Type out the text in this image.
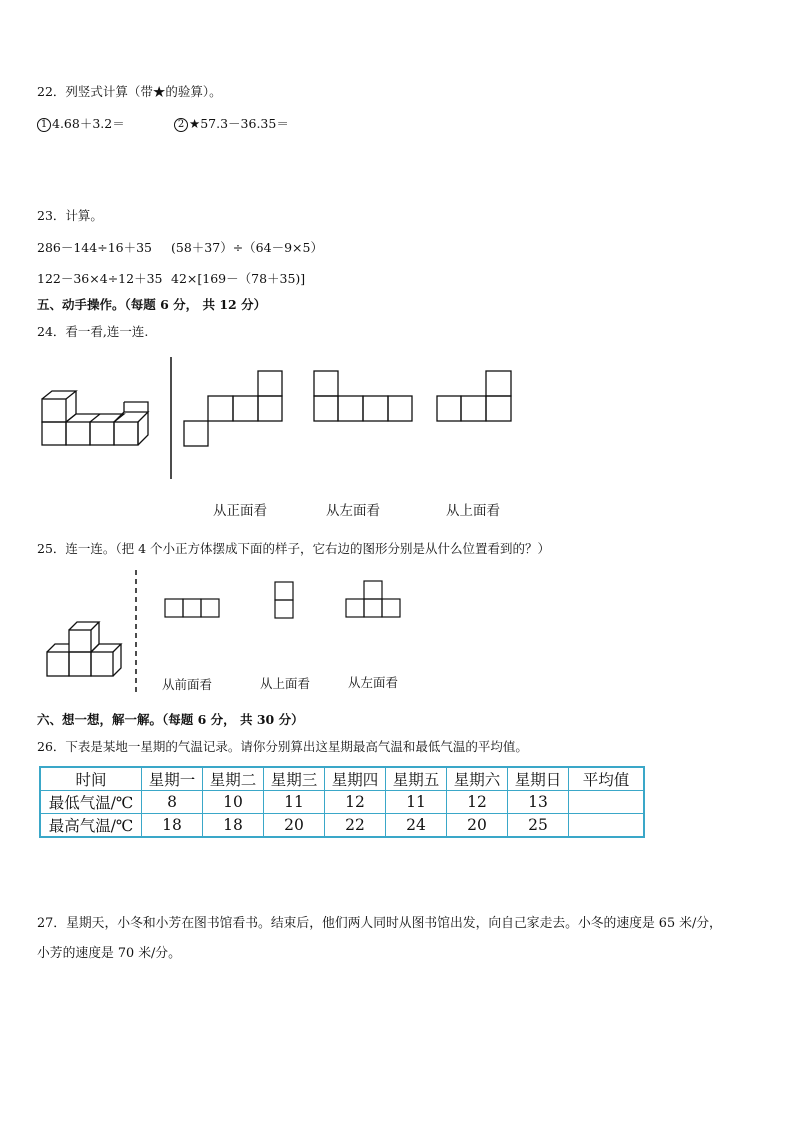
22．列竖式计算（带★的验算）。
1 4.68＋3.2＝	2 ★57.3－36.35＝
23．计算。
286－144÷16＋35 (58＋37）÷（64－9×5）
122－36×4÷12＋35 42×[169－（78＋35)]
五、动手操作。（每题 6 分， 共 12 分）
24．看一看,连一连.
从正面看	从左面看	从上面看
25．连一连。（把 4 个小正方体摆成下面的样子，它右边的图形分别是从什么位置看到的？）
从前面看	从上面看	从左面看
六、想一想，解一解。（每题 6 分， 共 30 分）
26．下表是某地一星期的气温记录。请你分别算出这星期最高气温和最低气温的平均值。
时间	星期一	星期二	星期三	星期四	星期五	星期六	星期日	平均值
最低气温/℃	8	10	11	12	11	12	13	
最高气温/℃	18	18	20	22	24	20	25	
27．星期天，小冬和小芳在图书馆看书。结束后，他们两人同时从图书馆出发，向自己家走去。小冬的速度是 65 米/分，
小芳的速度是 70 米/分。
